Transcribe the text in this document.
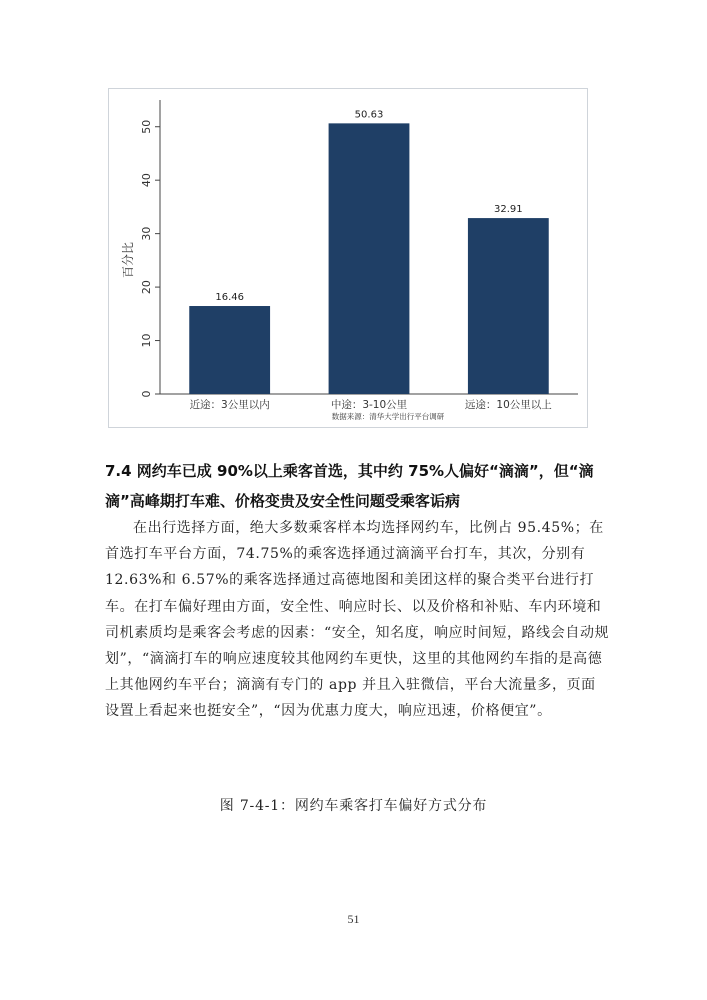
0
10
20
30
40
50
16.46
近途：3公里以内
50.63
中途：3-10公里
32.91
远途：10公里以上
百分比
数据来源：清华大学出行平台调研
7.4 网约车已成 90%以上乘客首选，其中约 75%人偏好“滴滴”，但“滴滴”高峰期打车难、价格变贵及安全性问题受乘客诟病

在出行选择方面，绝大多数乘客样本均选择网约车，比例占 95.45%；在首选打车平台方面，74.75%的乘客选择通过滴滴平台打车，其次，分别有 12.63%和 6.57%的乘客选择通过高德地图和美团这样的聚合类平台进行打车。在打车偏好理由方面，安全性、响应时长、以及价格和补贴、车内环境和司机素质均是乘客会考虑的因素：“安全，知名度，响应时间短，路线会自动规划”，“滴滴打车的响应速度较其他网约车更快，这里的其他网约车指的是高德上其他网约车平台；滴滴有专门的 app 并且入驻微信，平台大流量多，页面设置上看起来也挺安全”，“因为优惠力度大，响应迅速，价格便宜”。

图 7-4-1：网约车乘客打车偏好方式分布
51
